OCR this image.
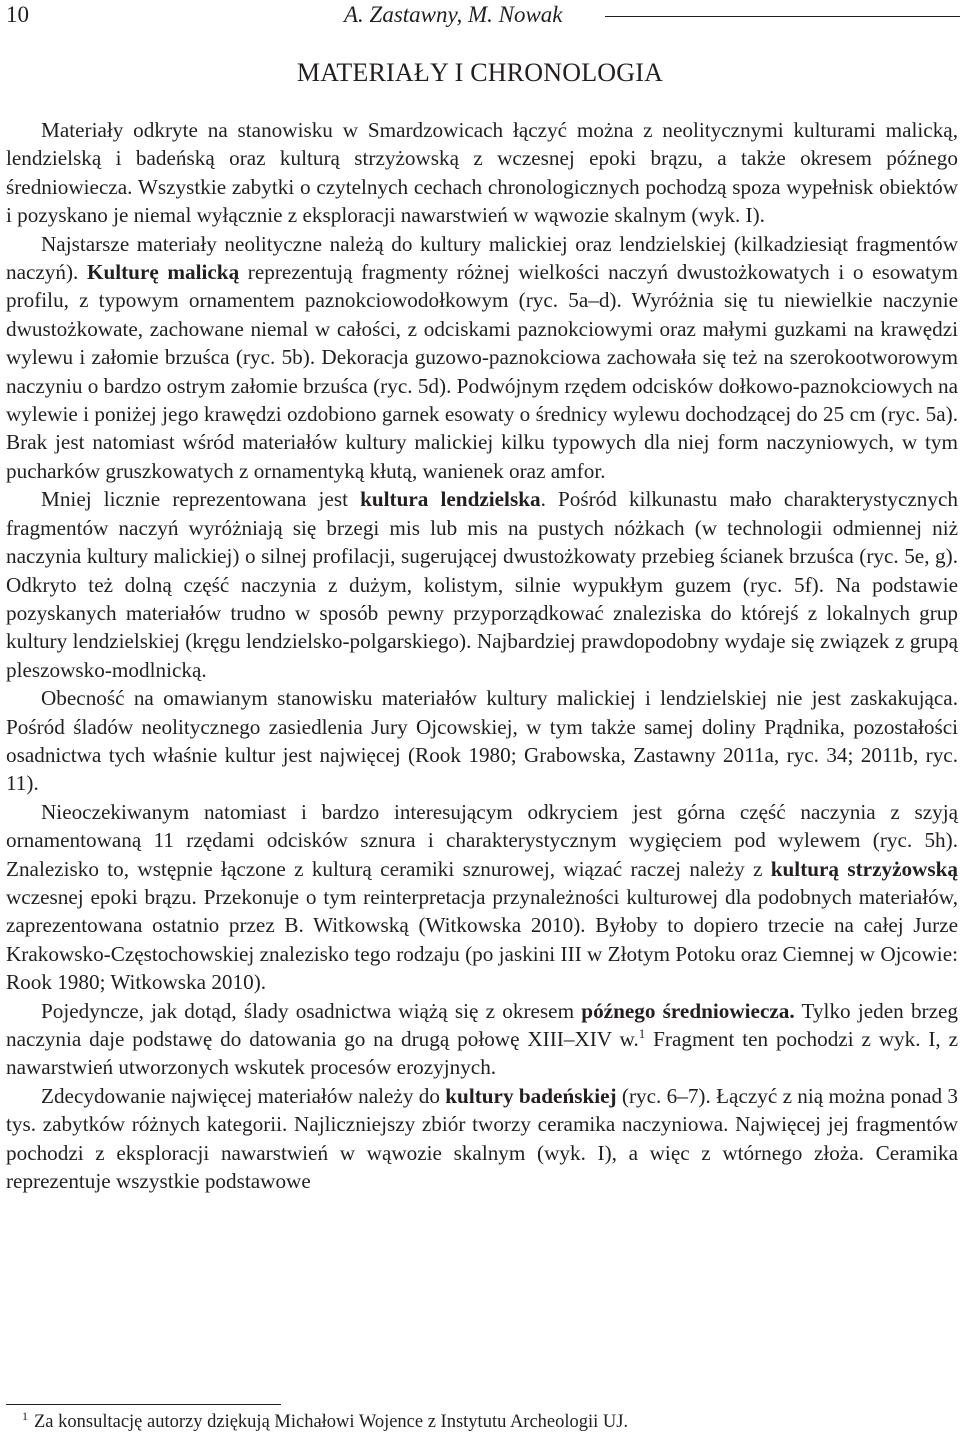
10	A. Zastawny, M. Nowak
MATERIAŁY I CHRONOLOGIA

Materiały odkryte na stanowisku w Smardzowicach łączyć można z neolitycznymi kulturami malicką, lendzielską i badeńską oraz kulturą strzyżowską z wczesnej epoki brązu, a także okresem późnego średniowiecza. Wszystkie zabytki o czytelnych cechach chronologicznych pochodzą spoza wypełnisk obiektów i pozyskano je niemal wyłącznie z eksploracji nawarstwień w wąwozie skalnym (wyk. I).

Najstarsze materiały neolityczne należą do kultury malickiej oraz lendzielskiej (kilkadziesiąt fragmentów naczyń). Kulturę malicką reprezentują fragmenty różnej wielkości naczyń dwustożkowatych i o esowatym profilu, z typowym ornamentem paznokciowodołkowym (ryc. 5a–d). Wyróżnia się tu niewielkie naczynie dwustożkowate, zachowane niemal w całości, z odciskami paznokciowymi oraz małymi guzkami na krawędzi wylewu i załomie brzuśca (ryc. 5b). Dekoracja guzowo-paznokciowa zachowała się też na szerokootworowym naczyniu o bardzo ostrym załomie brzuśca (ryc. 5d). Podwójnym rzędem odcisków dołkowo-paznokciowych na wylewie i poniżej jego krawędzi ozdobiono garnek esowaty o średnicy wylewu dochodzącej do 25 cm (ryc. 5a). Brak jest natomiast wśród materiałów kultury malickiej kilku typowych dla niej form naczyniowych, w tym pucharków gruszkowatych z ornamentyką kłutą, wanienek oraz amfor.

Mniej licznie reprezentowana jest kultura lendzielska. Pośród kilkunastu mało charakterystycznych fragmentów naczyń wyróżniają się brzegi mis lub mis na pustych nóżkach (w technologii odmiennej niż naczynia kultury malickiej) o silnej profilacji, sugerującej dwustożkowaty przebieg ścianek brzuśca (ryc. 5e, g). Odkryto też dolną część naczynia z dużym, kolistym, silnie wypukłym guzem (ryc. 5f). Na podstawie pozyskanych materiałów trudno w sposób pewny przyporządkować znaleziska do którejś z lokalnych grup kultury lendzielskiej (kręgu lendzielsko-polgarskiego). Najbardziej prawdopodobny wydaje się związek z grupą pleszowsko-modlnicką.

Obecność na omawianym stanowisku materiałów kultury malickiej i lendzielskiej nie jest zaskakująca. Pośród śladów neolitycznego zasiedlenia Jury Ojcowskiej, w tym także samej doliny Prądnika, pozostałości osadnictwa tych właśnie kultur jest najwięcej (Rook 1980; Grabowska, Zastawny 2011a, ryc. 34; 2011b, ryc. 11).

Nieoczekiwanym natomiast i bardzo interesującym odkryciem jest górna część naczynia z szyją ornamentowaną 11 rzędami odcisków sznura i charakterystycznym wygięciem pod wylewem (ryc. 5h). Znalezisko to, wstępnie łączone z kulturą ceramiki sznurowej, wiązać raczej należy z kulturą strzyżowską wczesnej epoki brązu. Przekonuje o tym reinterpretacja przynależności kulturowej dla podobnych materiałów, zaprezentowana ostatnio przez B. Witkowską (Witkowska 2010). Byłoby to dopiero trzecie na całej Jurze Krakowsko-Częstochowskiej znalezisko tego rodzaju (po jaskini III w Złotym Potoku oraz Ciemnej w Ojcowie: Rook 1980; Witkowska 2010).

Pojedyncze, jak dotąd, ślady osadnictwa wiążą się z okresem późnego średniowiecza. Tylko jeden brzeg naczynia daje podstawę do datowania go na drugą połowę XIII–XIV w.$^1$ Fragment ten pochodzi z wyk. I, z nawarstwień utworzonych wskutek procesów erozyjnych.

Zdecydowanie najwięcej materiałów należy do kultury badeńskiej (ryc. 6–7). Łączyć z nią można ponad 3 tys. zabytków różnych kategorii. Najliczniejszy zbiór tworzy ceramika naczyniowa. Najwięcej jej fragmentów pochodzi z eksploracji nawarstwień w wąwozie skalnym (wyk. I), a więc z wtórnego złoża. Ceramika reprezentuje wszystkie podstawowe

$^1$ Za konsultację autorzy dziękują Michałowi Wojence z Instytutu Archeologii UJ.
